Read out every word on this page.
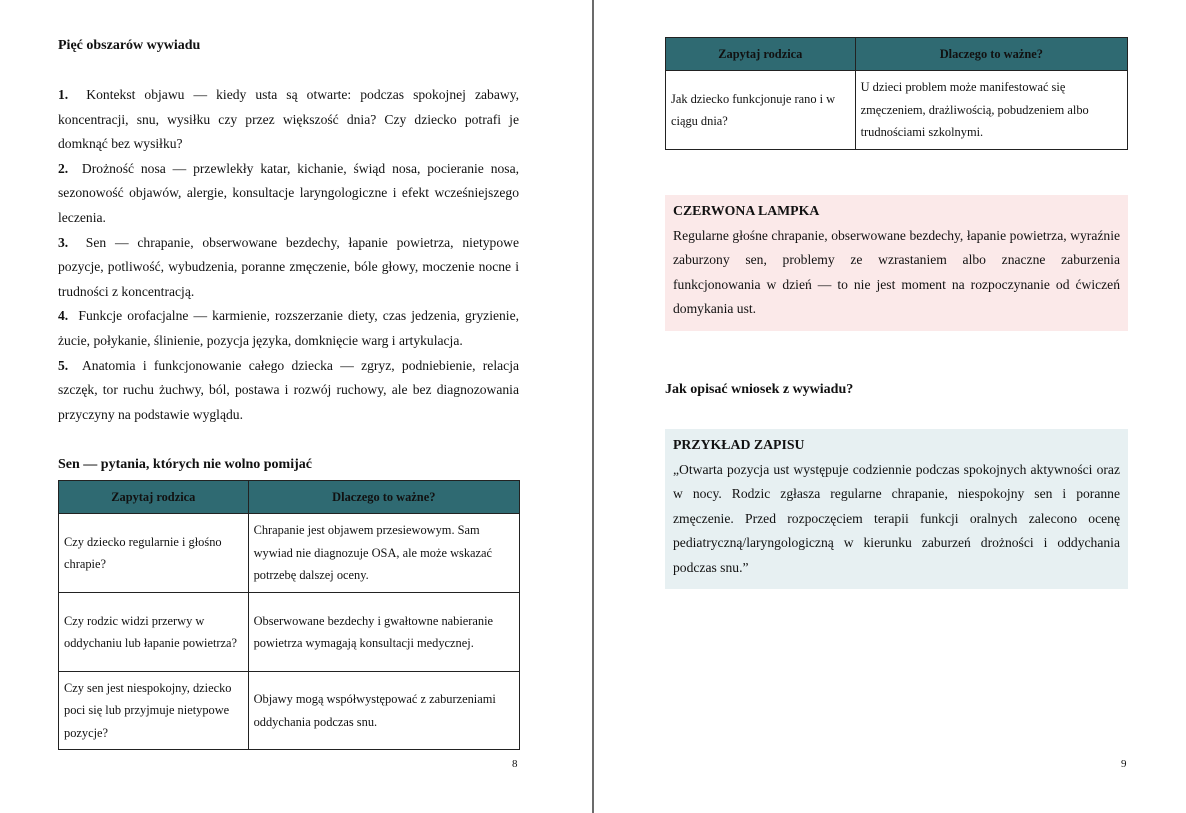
Pięć obszarów wywiadu

1. Kontekst objawu — kiedy usta są otwarte: podczas spokojnej zabawy, koncentracji, snu, wysiłku czy przez większość dnia? Czy dziecko potrafi je domknąć bez wysiłku?

2. Drożność nosa — przewlekły katar, kichanie, świąd nosa, pocieranie nosa, sezonowość objawów, alergie, konsultacje laryngologiczne i efekt wcześniejszego leczenia.

3. Sen — chrapanie, obserwowane bezdechy, łapanie powietrza, nietypowe pozycje, potliwość, wybudzenia, poranne zmęczenie, bóle głowy, moczenie nocne i trudności z koncentracją.

4. Funkcje orofacjalne — karmienie, rozszerzanie diety, czas jedzenia, gryzienie, żucie, połykanie, ślinienie, pozycja języka, domknięcie warg i artykulacja.

5. Anatomia i funkcjonowanie całego dziecka — zgryz, podniebienie, relacja szczęk, tor ruchu żuchwy, ból, postawa i rozwój ruchowy, ale bez diagnozowania przyczyny na podstawie wyglądu.

Sen — pytania, których nie wolno pomijać
Zapytaj rodzica	Dlaczego to ważne?
Czy dziecko regularnie i głośno chrapie?	Chrapanie jest objawem przesiewowym. Sam wywiad nie diagnozuje OSA, ale może wskazać potrzebę dalszej oceny.
Czy rodzic widzi przerwy w oddychaniu lub łapanie powietrza?	Obserwowane bezdechy i gwałtowne nabieranie powietrza wymagają konsultacji medycznej.
Czy sen jest niespokojny, dziecko poci się lub przyjmuje nietypowe pozycje?	Objawy mogą współwystępować z zaburzeniami oddychania podczas snu.
8
Zapytaj rodzica	Dlaczego to ważne?
Jak dziecko funkcjonuje rano i w ciągu dnia?	U dzieci problem może manifestować się zmęczeniem, drażliwością, pobudzeniem albo trudnościami szkolnymi.
CZERWONA LAMPKA

Regularne głośne chrapanie, obserwowane bezdechy, łapanie powietrza, wyraźnie zaburzony sen, problemy ze wzrastaniem albo znaczne zaburzenia funkcjonowania w dzień — to nie jest moment na rozpoczynanie od ćwiczeń domykania ust.

Jak opisać wniosek z wywiadu?
PRZYKŁAD ZAPISU

„Otwarta pozycja ust występuje codziennie podczas spokojnych aktywności oraz w nocy. Rodzic zgłasza regularne chrapanie, niespokojny sen i poranne zmęczenie. Przed rozpoczęciem terapii funkcji oralnych zalecono ocenę pediatryczną/laryngologiczną w kierunku zaburzeń drożności i oddychania podczas snu.”

9
